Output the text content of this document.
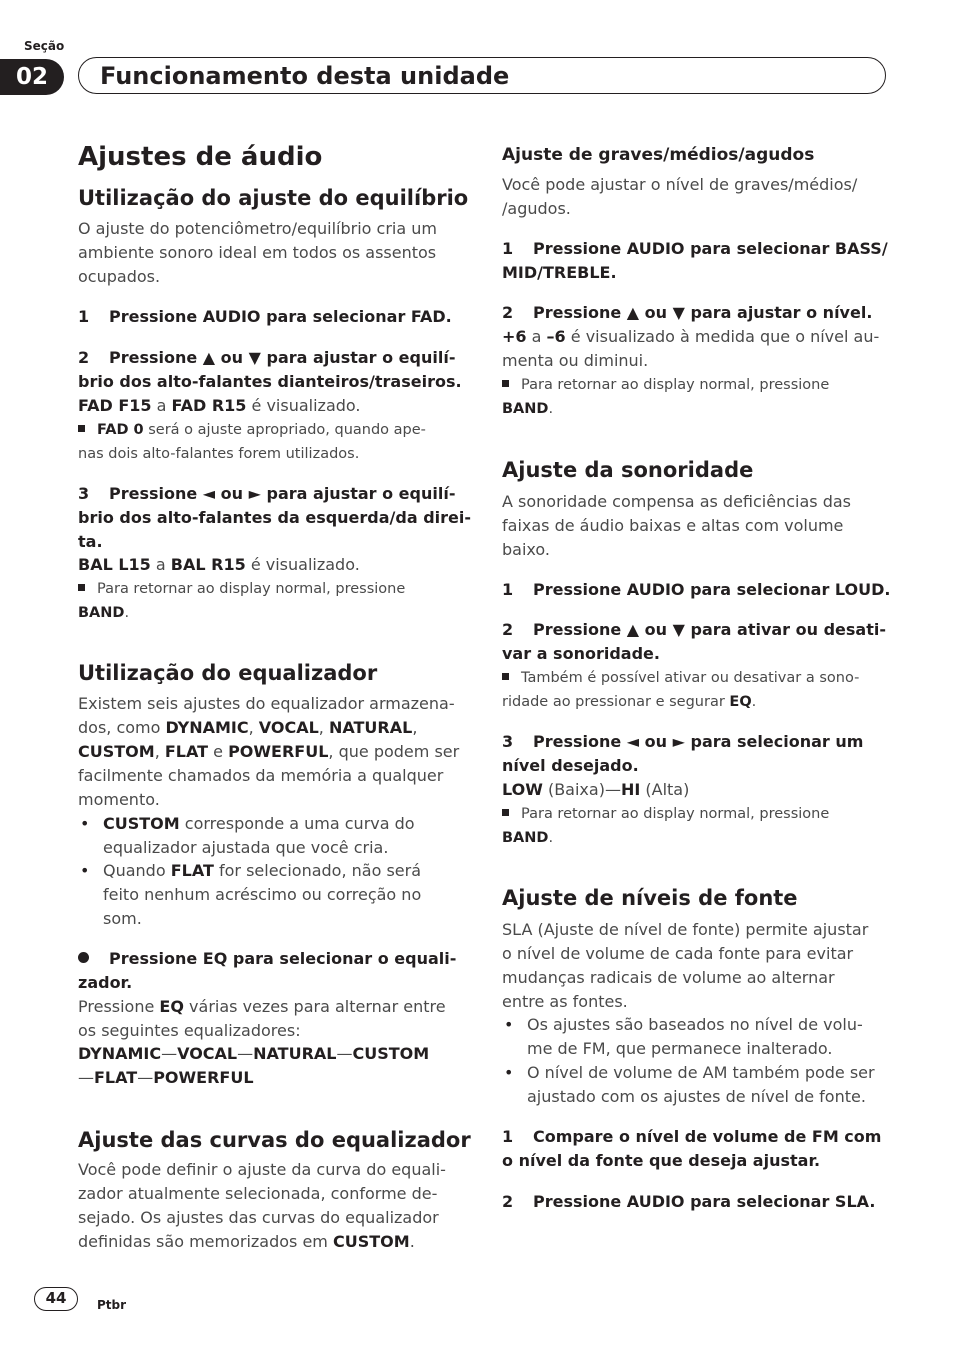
Seção
02	Funcionamento desta unidade
Ajustes de áudio
Utilização do ajuste do equilíbrio
O ajuste do potenciômetro/equilíbrio cria um
ambiente sonoro ideal em todos os assentos
ocupados.
1 Pressione AUDIO para selecionar FAD.
2 Pressione ▲ ou ▼ para ajustar o equilí-
brio dos alto-falantes dianteiros/traseiros.
FAD F15 a FAD R15 é visualizado.
FAD 0 será o ajuste apropriado, quando ape-
nas dois alto-falantes forem utilizados.
3 Pressione ◄ ou ► para ajustar o equilí-
brio dos alto-falantes da esquerda/da direi-
ta.
BAL L15 a BAL R15 é visualizado.
Para retornar ao display normal, pressione
BAND.
Utilização do equalizador
Existem seis ajustes do equalizador armazena-
dos, como DYNAMIC, VOCAL, NATURAL,
CUSTOM, FLAT e POWERFUL, que podem ser
facilmente chamados da memória a qualquer
momento.
• CUSTOM corresponde a uma curva do
equalizador ajustada que você cria.
• Quando FLAT for selecionado, não será
feito nenhum acréscimo ou correção no
som.
Pressione EQ para selecionar o equali-
zador.
Pressione EQ várias vezes para alternar entre
os seguintes equalizadores:
DYNAMIC—VOCAL—NATURAL—CUSTOM
—FLAT—POWERFUL
Ajuste das curvas do equalizador
Você pode definir o ajuste da curva do equali-
zador atualmente selecionada, conforme de-
sejado. Os ajustes das curvas do equalizador
definidas são memorizados em CUSTOM.
Ajuste de graves/médios/agudos
Você pode ajustar o nível de graves/médios/
/agudos.
1 Pressione AUDIO para selecionar BASS/
MID/TREBLE.
2 Pressione ▲ ou ▼ para ajustar o nível.
+6 a –6 é visualizado à medida que o nível au-
menta ou diminui.
Para retornar ao display normal, pressione
BAND.
Ajuste da sonoridade
A sonoridade compensa as deficiências das
faixas de áudio baixas e altas com volume
baixo.
1 Pressione AUDIO para selecionar LOUD.
2 Pressione ▲ ou ▼ para ativar ou desati-
var a sonoridade.
Também é possível ativar ou desativar a sono-
ridade ao pressionar e segurar EQ.
3 Pressione ◄ ou ► para selecionar um
nível desejado.
LOW (Baixa)—HI (Alta)
Para retornar ao display normal, pressione
BAND.
Ajuste de níveis de fonte
SLA (Ajuste de nível de fonte) permite ajustar
o nível de volume de cada fonte para evitar
mudanças radicais de volume ao alternar
entre as fontes.
• Os ajustes são baseados no nível de volu-
me de FM, que permanece inalterado.
• O nível de volume de AM também pode ser
ajustado com os ajustes de nível de fonte.
1 Compare o nível de volume de FM com
o nível da fonte que deseja ajustar.
2 Pressione AUDIO para selecionar SLA.
44	Ptbr
